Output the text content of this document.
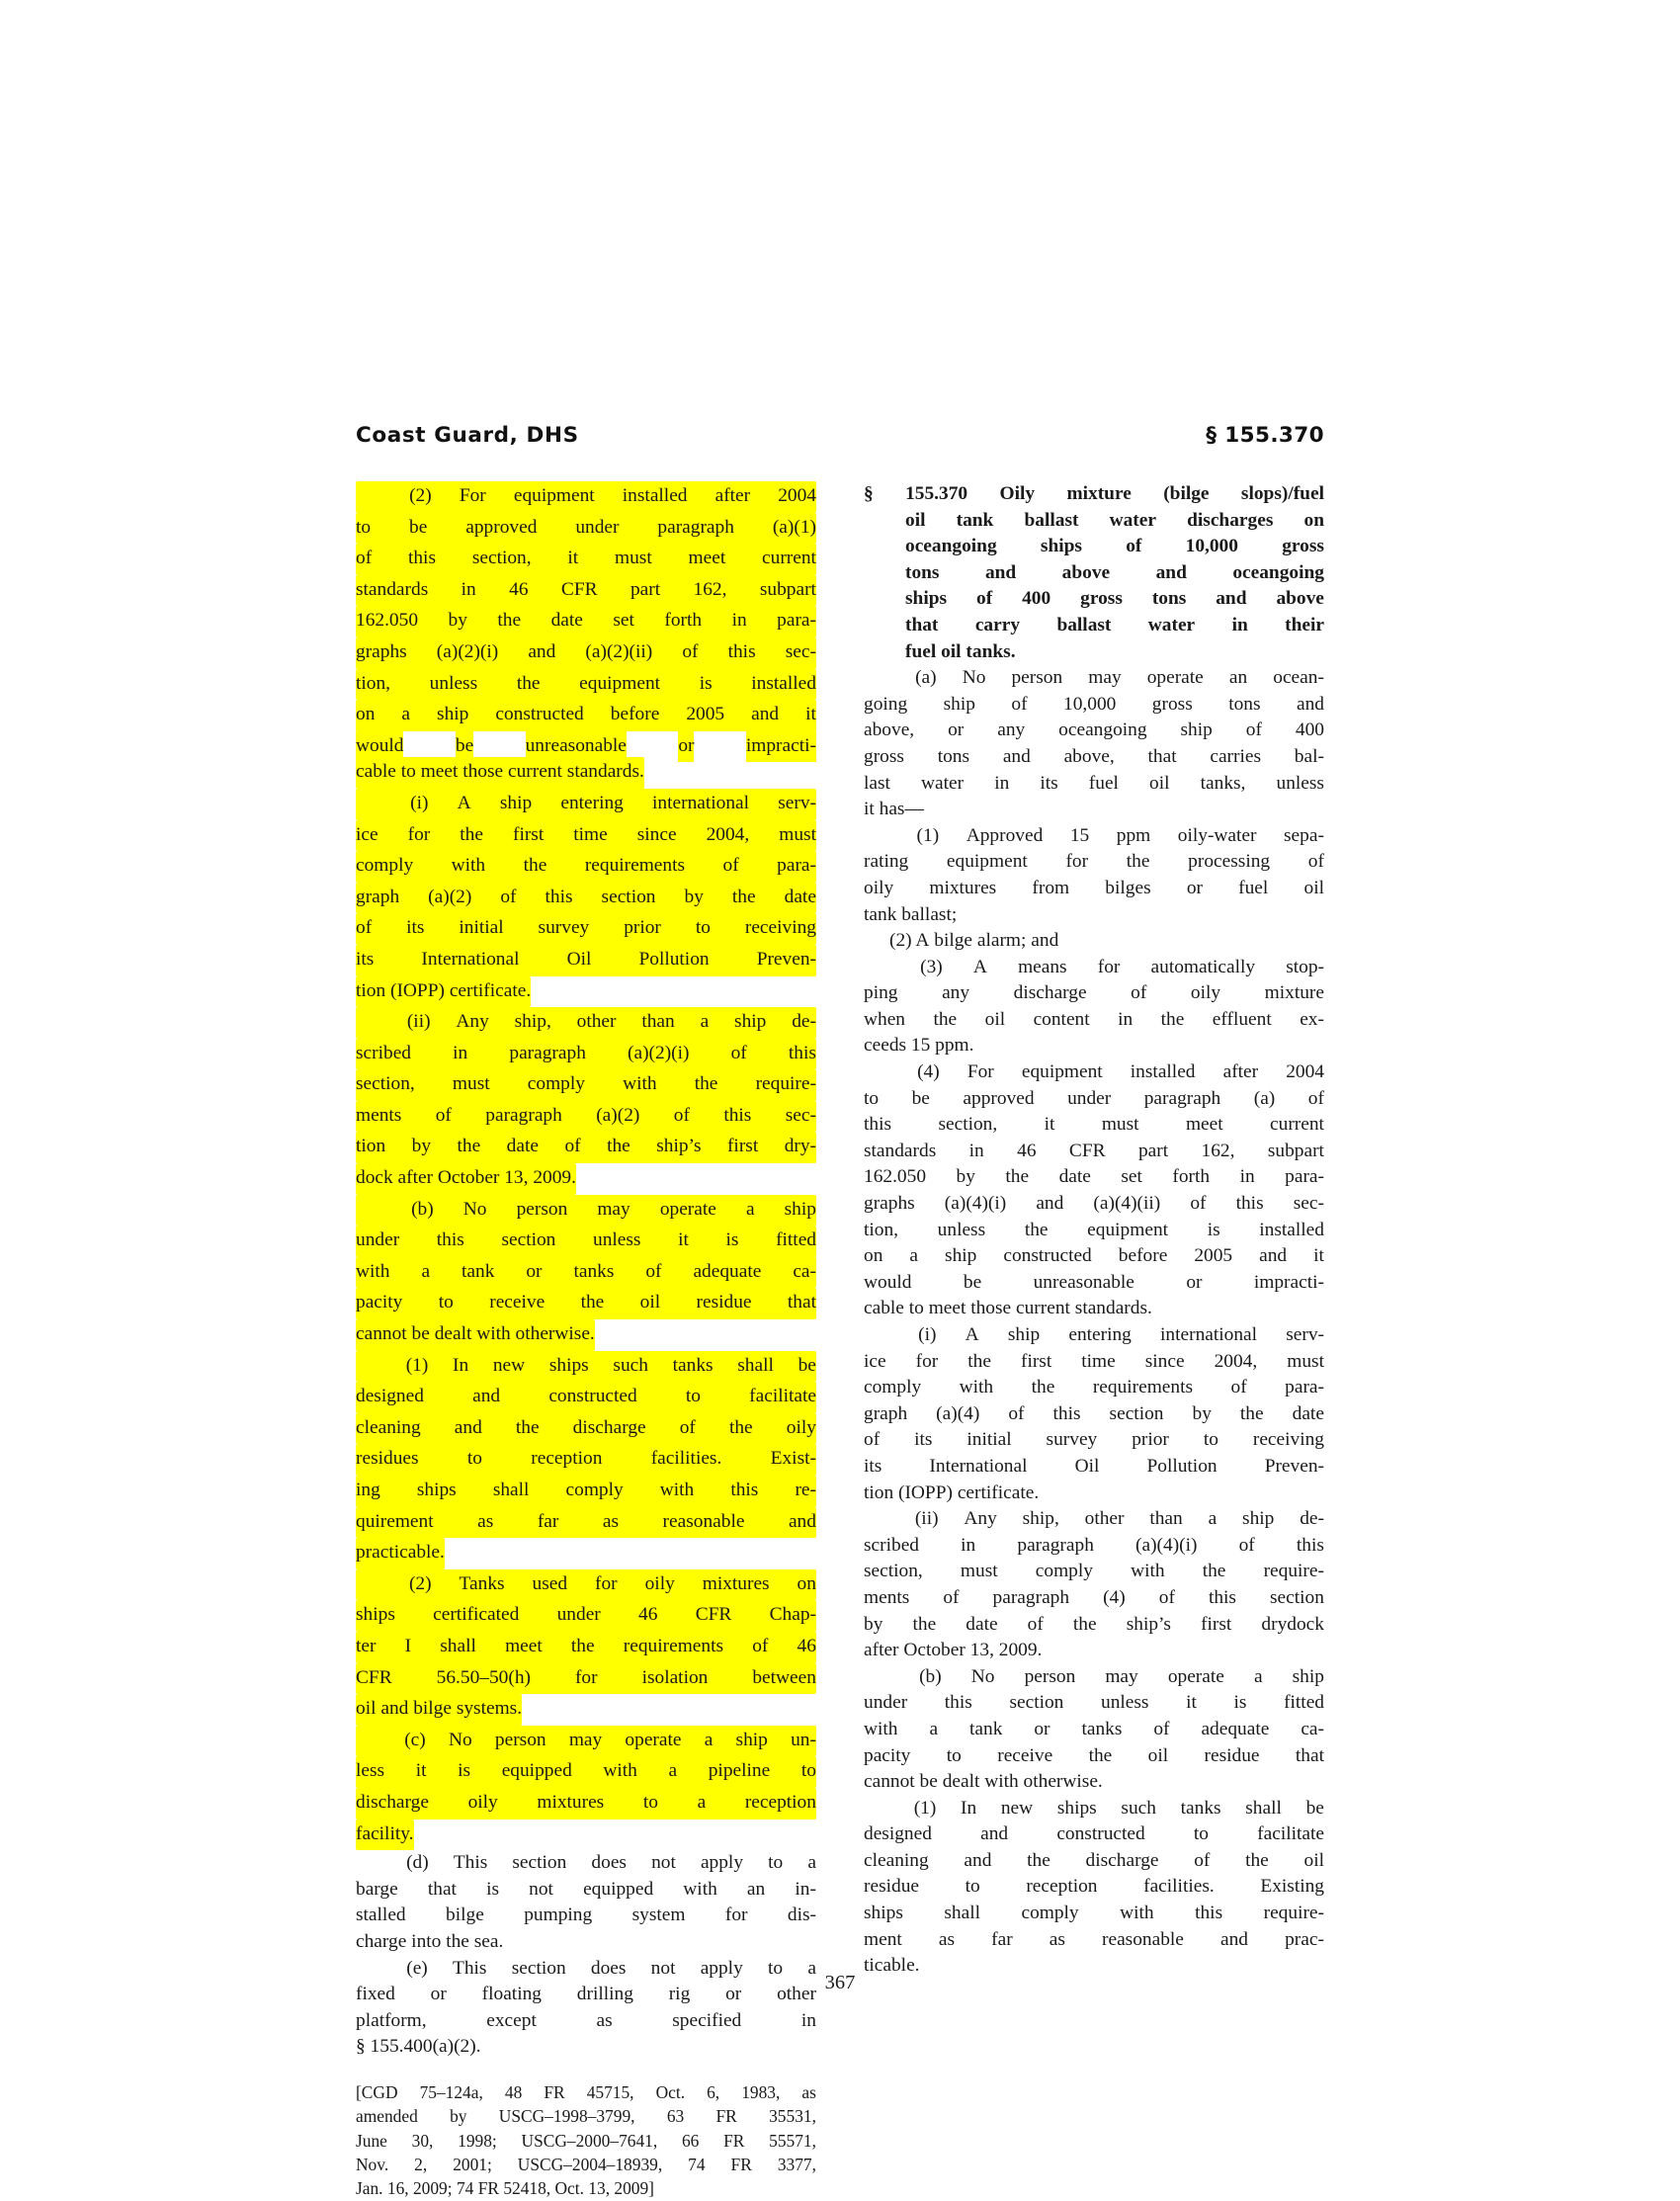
Coast Guard, DHS	§ 155.370
(2) For equipment installed after 2004
to be approved under paragraph (a)(1)
of this section, it must meet current
standards in 46 CFR part 162, subpart
162.050 by the date set forth in para-
graphs (a)(2)(i) and (a)(2)(ii) of this sec-
tion, unless the equipment is installed
on a ship constructed before 2005 and it
would	be	unreasonable	or	impracti-
cable to meet those current standards.
(i) A ship entering international serv-
ice for the first time since 2004, must
comply with the requirements of para-
graph (a)(2) of this section by the date
of its initial survey prior to receiving
its International Oil Pollution Preven-
tion (IOPP) certificate.
(ii) Any ship, other than a ship de-
scribed in paragraph (a)(2)(i) of this
section, must comply with the require-
ments of paragraph (a)(2) of this sec-
tion by the date of the ship’s first dry-
dock after October 13, 2009.
(b) No person may operate a ship
under this section unless it is fitted
with a tank or tanks of adequate ca-
pacity to receive the oil residue that
cannot be dealt with otherwise.
(1) In new ships such tanks shall be
designed	and	constructed	to	facilitate
cleaning and the discharge of the oily
residues	to	reception	facilities.	Exist-
ing ships shall comply with this re-
quirement as far as reasonable and
practicable.
(2) Tanks used for oily mixtures on
ships certificated under 46 CFR Chap-
ter I shall meet the requirements of 46
CFR 56.50–50(h) for isolation between
oil and bilge systems.
(c) No person may operate a ship un-
less it is equipped with a pipeline to
discharge oily mixtures to a reception
facility.
(d) This section does not apply to a
barge that is not equipped with an in-
stalled bilge pumping system for dis-
charge into the sea.
(e) This section does not apply to a
fixed or floating drilling rig or other
platform,	except	as	specified	in
§ 155.400(a)(2).
[CGD 75–124a, 48 FR 45715, Oct. 6, 1983, as
amended by USCG–1998–3799, 63 FR 35531,
June 30, 1998; USCG–2000–7641, 66 FR 55571,
Nov. 2, 2001; USCG–2004–18939, 74 FR 3377,
Jan. 16, 2009; 74 FR 52418, Oct. 13, 2009]
§ 155.370 Oily mixture (bilge slops)/fuel
oil tank ballast water discharges on
oceangoing ships of 10,000 gross
tons and above and oceangoing
ships of 400 gross tons and above
that carry ballast water in their
fuel oil tanks.
(a) No person may operate an ocean-
going ship of 10,000 gross tons and
above, or any oceangoing ship of 400
gross tons and above, that carries bal-
last water in its fuel oil tanks, unless
it has—
(1) Approved 15 ppm oily-water sepa-
rating equipment for the processing of
oily mixtures from bilges or fuel oil
tank ballast;
(2) A bilge alarm; and
(3) A means for automatically stop-
ping any discharge of oily mixture
when the oil content in the effluent ex-
ceeds 15 ppm.
(4) For equipment installed after 2004
to be approved under paragraph (a) of
this section, it must meet current
standards in 46 CFR part 162, subpart
162.050 by the date set forth in para-
graphs (a)(4)(i) and (a)(4)(ii) of this sec-
tion, unless the equipment is installed
on a ship constructed before 2005 and it
would	be	unreasonable	or	impracti-
cable to meet those current standards.
(i) A ship entering international serv-
ice for the first time since 2004, must
comply with the requirements of para-
graph (a)(4) of this section by the date
of its initial survey prior to receiving
its International Oil Pollution Preven-
tion (IOPP) certificate.
(ii) Any ship, other than a ship de-
scribed in paragraph (a)(4)(i) of this
section, must comply with the require-
ments of paragraph (4) of this section
by the date of the ship’s first drydock
after October 13, 2009.
(b) No person may operate a ship
under this section unless it is fitted
with a tank or tanks of adequate ca-
pacity to receive the oil residue that
cannot be dealt with otherwise.
(1) In new ships such tanks shall be
designed	and	constructed	to	facilitate
cleaning and the discharge of the oil
residue to reception facilities. Existing
ships shall comply with this require-
ment as far as reasonable and prac-
ticable.
367
